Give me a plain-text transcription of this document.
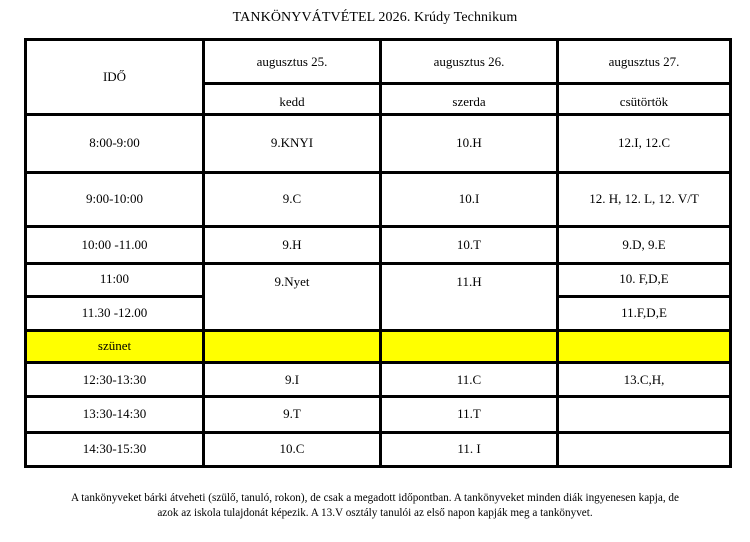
TANKÖNYVÁTVÉTEL 2026. Krúdy Technikum
IDŐ	augusztus 25.	augusztus 26.	augusztus 27.
	kedd	szerda	csütörtök
8:00-9:00	9.KNYI	10.H	12.I, 12.C
9:00-10:00	9.C	10.I	12. H, 12. L, 12. V/T
10:00 -11.00	9.H	10.T	9.D, 9.E
11:00	9.Nyet	11.H	10. F,D,E
11.30 -12.00			11.F,D,E
szünet			
12:30-13:30	9.I	11.C	13.C,H,
13:30-14:30	9.T	11.T	
14:30-15:30	10.C	11. I	
A tankönyveket bárki átveheti (szülő, tanuló, rokon), de csak a megadott időpontban. A tankönyveket minden diák ingyenesen kapja, de
azok az iskola tulajdonát képezik. A 13.V osztály tanulói az első napon kapják meg a tankönyvet.
